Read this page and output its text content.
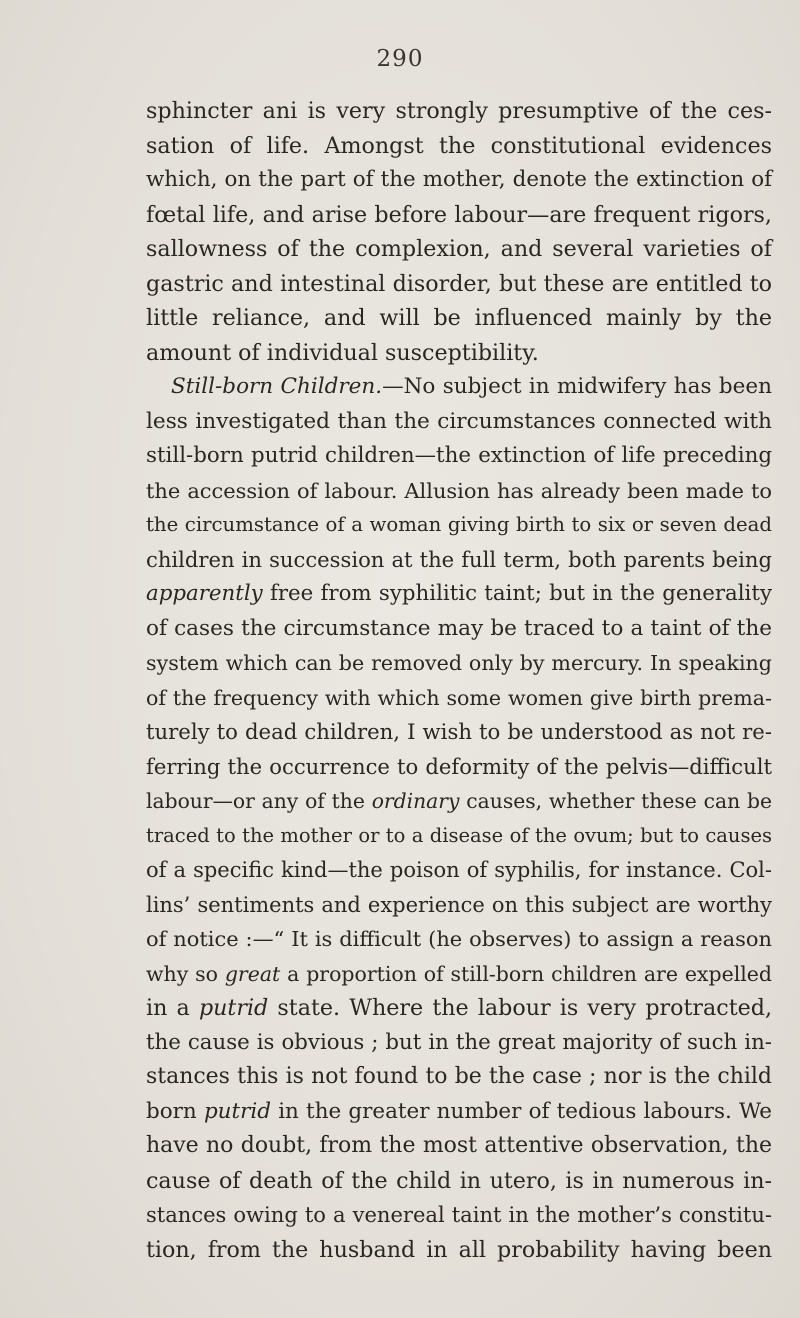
290
sphincter ani is very strongly presumptive of the ces-
sation of life. Amongst the constitutional evidences
which, on the part of the mother, denote the extinction of
fœtal life, and arise before labour—are frequent rigors,
sallowness of the complexion, and several varieties of
gastric and intestinal disorder, but these are entitled to
little reliance, and will be influenced mainly by the
amount of individual susceptibility.
Still-born Children.—No subject in midwifery has been
less investigated than the circumstances connected with
still-born putrid children—the extinction of life preceding
the accession of labour. Allusion has already been made to
the circumstance of a woman giving birth to six or seven dead
children in succession at the full term, both parents being
apparently free from syphilitic taint; but in the generality
of cases the circumstance may be traced to a taint of the
system which can be removed only by mercury. In speaking
of the frequency with which some women give birth prema-
turely to dead children, I wish to be understood as not re-
ferring the occurrence to deformity of the pelvis—difficult
labour—or any of the ordinary causes, whether these can be
traced to the mother or to a disease of the ovum; but to causes
of a specific kind—the poison of syphilis, for instance. Col-
lins’ sentiments and experience on this subject are worthy
of notice :—“ It is difficult (he observes) to assign a reason
why so great a proportion of still-born children are expelled
in a putrid state. Where the labour is very protracted,
the cause is obvious ; but in the great majority of such in-
stances this is not found to be the case ; nor is the child
born putrid in the greater number of tedious labours. We
have no doubt, from the most attentive observation, the
cause of death of the child in utero, is in numerous in-
stances owing to a venereal taint in the mother’s constitu-
tion, from the husband in all probability having been
